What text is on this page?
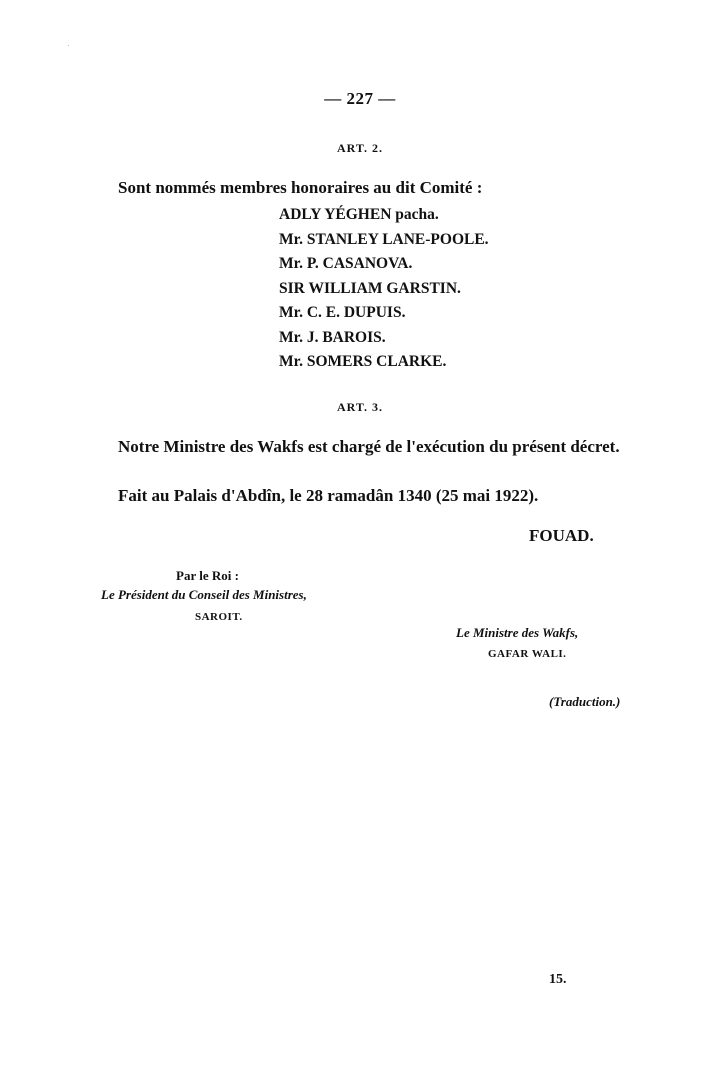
— 227 —
ART. 2.
Sont nommés membres honoraires au dit Comité :
ADLY YÉGHEN pacha.
Mr. STANLEY LANE-POOLE.
Mr. P. CASANOVA.
SIR WILLIAM GARSTIN.
Mr. C. E. DUPUIS.
Mr. J. BAROIS.
Mr. SOMERS CLARKE.
ART. 3.
Notre Ministre des Wakfs est chargé de l'exécution du présent décret.
Fait au Palais d'Abdîn, le 28 ramadân 1340 (25 mai 1922).
FOUAD.
Par le Roi :
Le Président du Conseil des Ministres,
SAROIT.
Le Ministre des Wakfs,
GAFAR WALI.
(Traduction.)
15.
